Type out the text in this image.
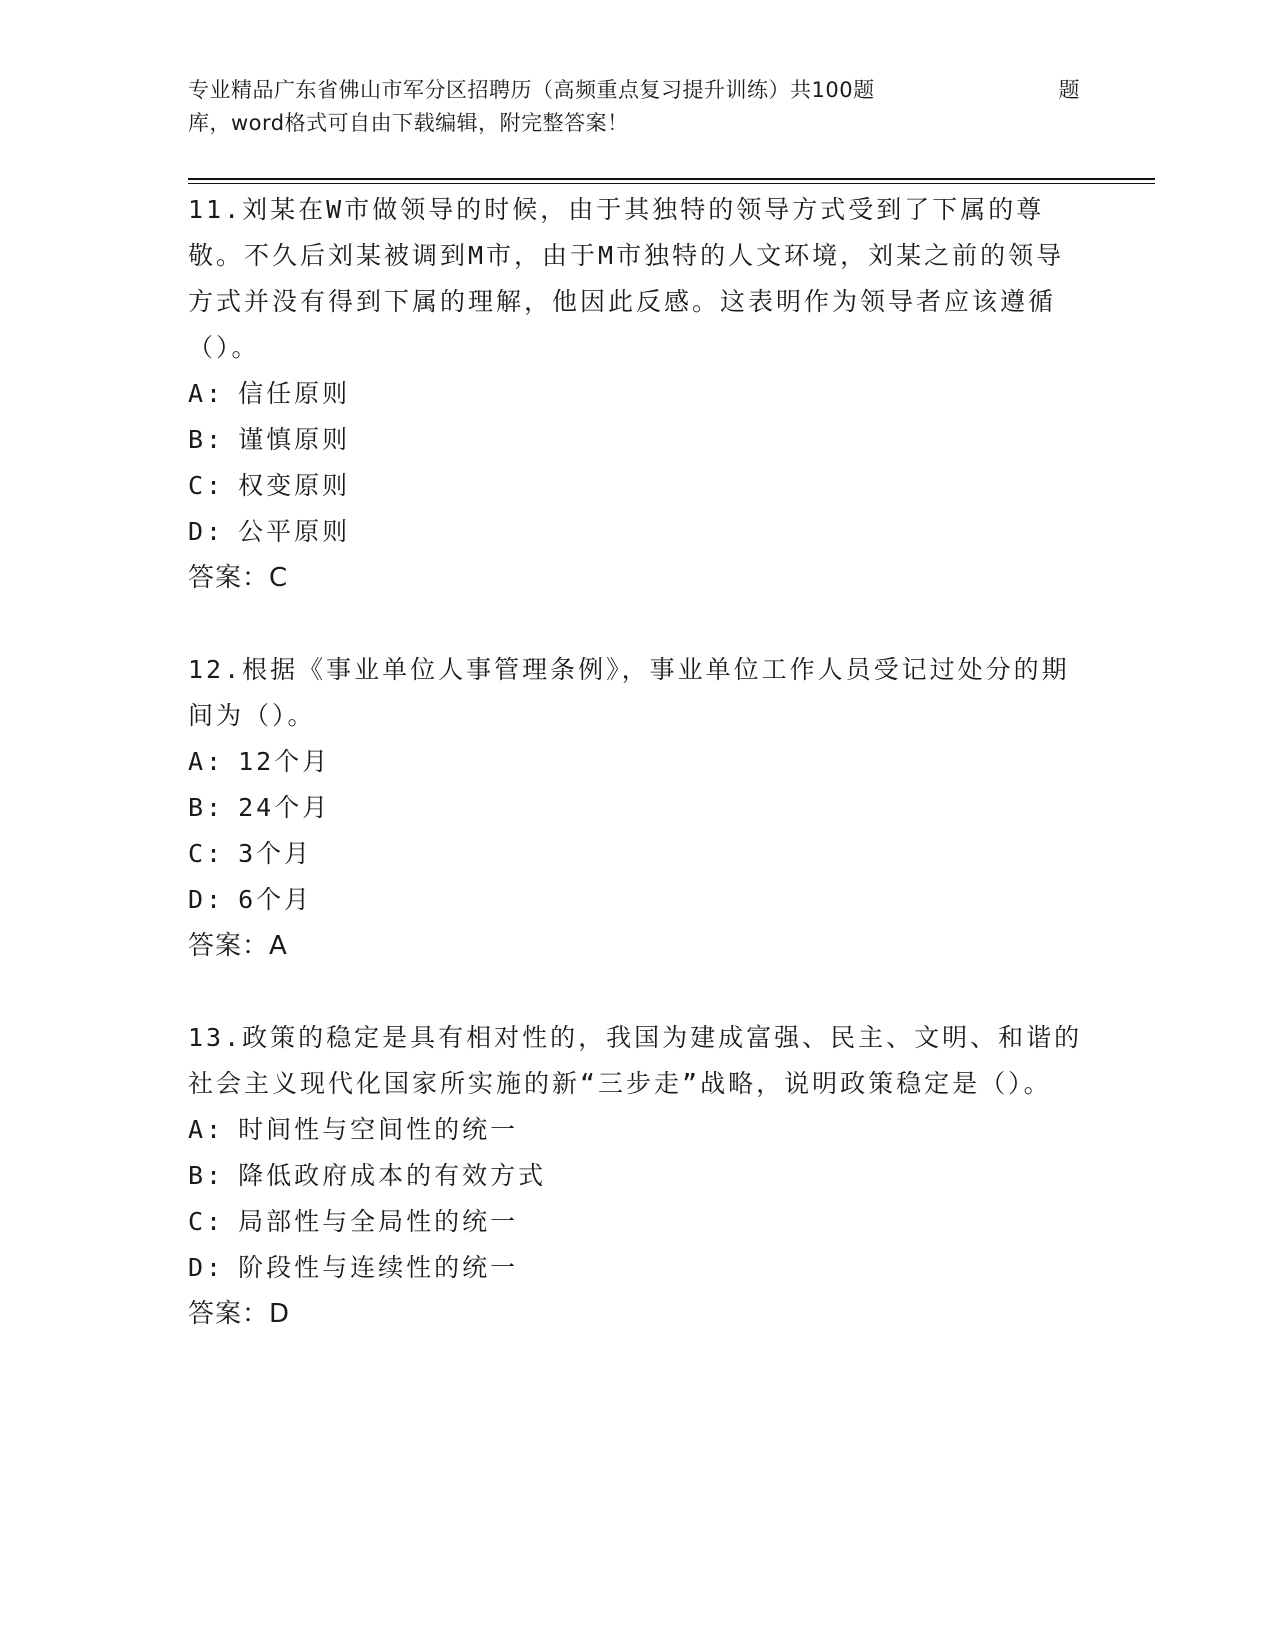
专业精品广东省佛山市军分区招聘历（高频重点复习提升训练）共100题	题
库，word格式可自由下载编辑，附完整答案！

11.刘某在W市做领导的时候，由于其独特的领导方式受到了下属的尊敬。不久后刘某被调到M市，由于M市独特的人文环境，刘某之前的领导方式并没有得到下属的理解，他因此反感。这表明作为领导者应该遵循（）。

A: 信任原则
B: 谨慎原则
C: 权变原则
D: 公平原则
答案：C

12.根据《事业单位人事管理条例》，事业单位工作人员受记过处分的期间为（）。

A: 12个月
B: 24个月
C: 3个月
D: 6个月
答案：A

13.政策的稳定是具有相对性的，我国为建成富强、民主、文明、和谐的社会主义现代化国家所实施的新“三步走”战略，说明政策稳定是（）。

A: 时间性与空间性的统一
B: 降低政府成本的有效方式
C: 局部性与全局性的统一
D: 阶段性与连续性的统一
答案：D
